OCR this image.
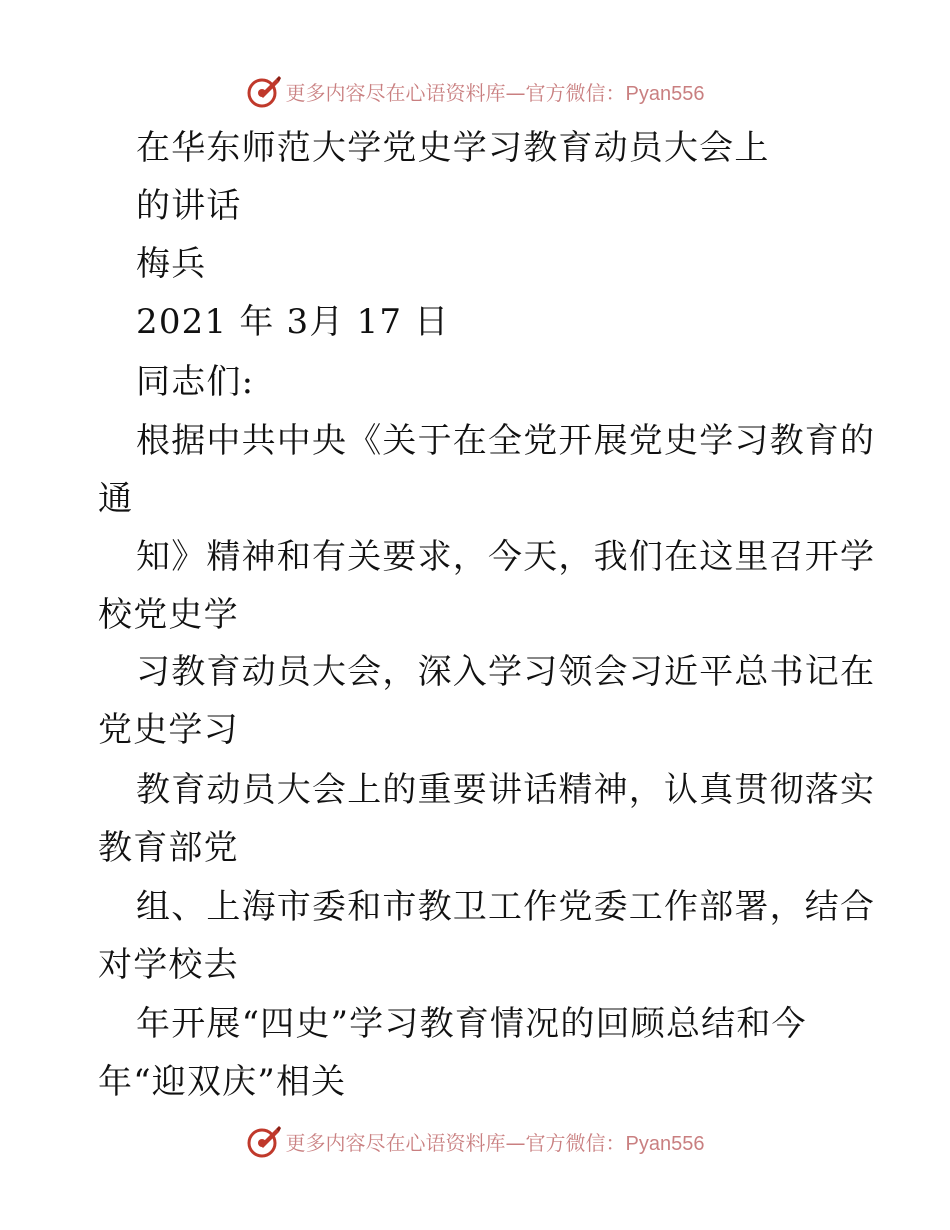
更多内容尽在心语资料库—官方微信：Pyan556
在华东师范大学党史学习教育动员大会上
的讲话
梅兵
2021 年 3月 17 日
同志们:
根据中共中央《关于在全党开展党史学习教育的
通
知》精神和有关要求，今天，我们在这里召开学
校党史学
习教育动员大会，深入学习领会习近平总书记在
党史学习
教育动员大会上的重要讲话精神，认真贯彻落实
教育部党
组、上海市委和市教卫工作党委工作部署，结合
对学校去
年开展“四史”学习教育情况的回顾总结和今
年“迎双庆”相关
更多内容尽在心语资料库—官方微信：Pyan556
